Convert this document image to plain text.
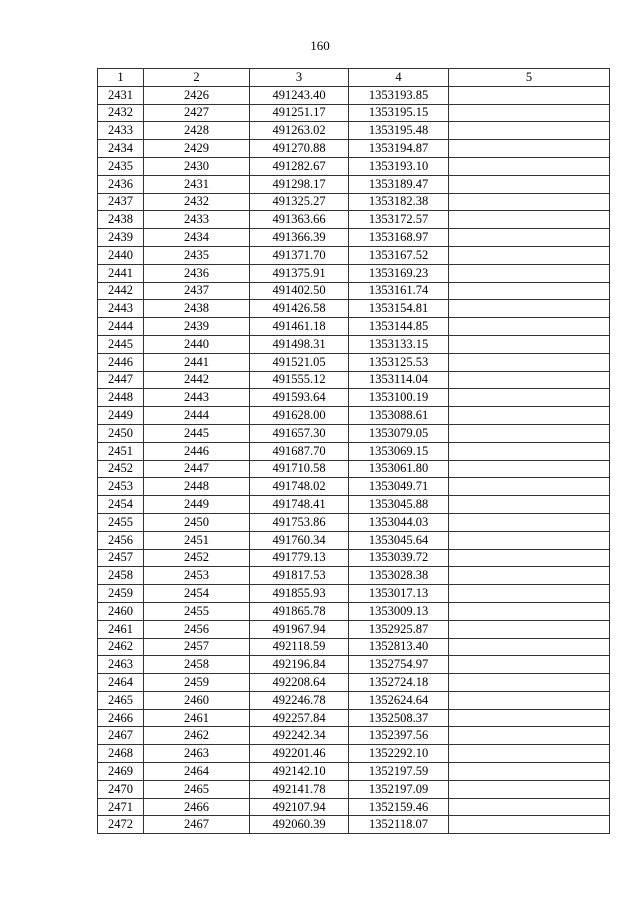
160
1	2	3	4	5
2431	2426	491243.40	1353193.85	
2432	2427	491251.17	1353195.15	
2433	2428	491263.02	1353195.48	
2434	2429	491270.88	1353194.87	
2435	2430	491282.67	1353193.10	
2436	2431	491298.17	1353189.47	
2437	2432	491325.27	1353182.38	
2438	2433	491363.66	1353172.57	
2439	2434	491366.39	1353168.97	
2440	2435	491371.70	1353167.52	
2441	2436	491375.91	1353169.23	
2442	2437	491402.50	1353161.74	
2443	2438	491426.58	1353154.81	
2444	2439	491461.18	1353144.85	
2445	2440	491498.31	1353133.15	
2446	2441	491521.05	1353125.53	
2447	2442	491555.12	1353114.04	
2448	2443	491593.64	1353100.19	
2449	2444	491628.00	1353088.61	
2450	2445	491657.30	1353079.05	
2451	2446	491687.70	1353069.15	
2452	2447	491710.58	1353061.80	
2453	2448	491748.02	1353049.71	
2454	2449	491748.41	1353045.88	
2455	2450	491753.86	1353044.03	
2456	2451	491760.34	1353045.64	
2457	2452	491779.13	1353039.72	
2458	2453	491817.53	1353028.38	
2459	2454	491855.93	1353017.13	
2460	2455	491865.78	1353009.13	
2461	2456	491967.94	1352925.87	
2462	2457	492118.59	1352813.40	
2463	2458	492196.84	1352754.97	
2464	2459	492208.64	1352724.18	
2465	2460	492246.78	1352624.64	
2466	2461	492257.84	1352508.37	
2467	2462	492242.34	1352397.56	
2468	2463	492201.46	1352292.10	
2469	2464	492142.10	1352197.59	
2470	2465	492141.78	1352197.09	
2471	2466	492107.94	1352159.46	
2472	2467	492060.39	1352118.07	
